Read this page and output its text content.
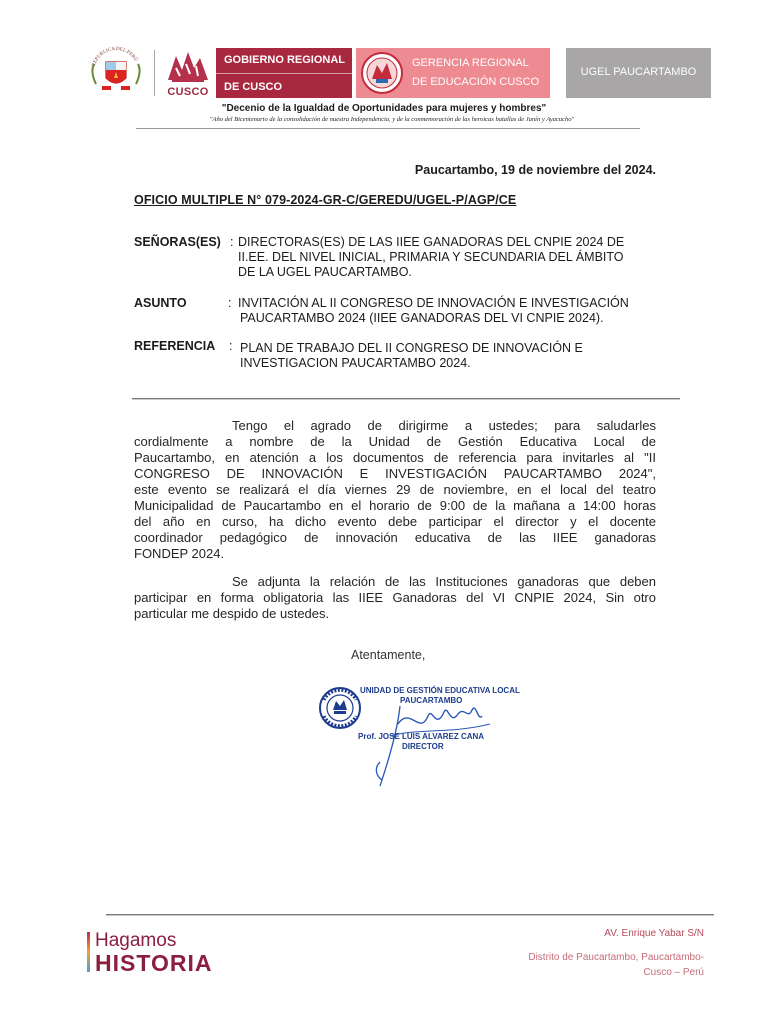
REPUBLICA DEL PERÚ
CUSCO
GOBIERNO REGIONAL
DE CUSCO
GERENCIA REGIONAL
DE EDUCACIÓN CUSCO
UGEL PAUCARTAMBO
"Decenio de la Igualdad de Oportunidades para mujeres y hombres"
"Año del Bicentenario de la consolidación de nuestra Independencia, y de la conmemoración de las heroicas batallas de Junín y Ayacucho"
Paucartambo, 19 de noviembre del 2024.
OFICIO MULTIPLE N° 079-2024-GR-C/GEREDU/UGEL-P/AGP/CE
SEÑORAS(ES) : DIRECTORAS(ES) DE LAS IIEE GANADORAS DEL CNPIE 2024 DE
II.EE. DEL NIVEL INICIAL, PRIMARIA Y SECUNDARIA DEL ÁMBITO
DE LA UGEL PAUCARTAMBO.
ASUNTO	: INVITACIÓN AL II CONGRESO DE INNOVACIÓN E INVESTIGACIÓN
PAUCARTAMBO 2024 (IIEE GANADORAS DEL VI CNPIE 2024).
REFERENCIA : PLAN DE TRABAJO DEL II CONGRESO DE INNOVACIÓN E
INVESTIGACION PAUCARTAMBO 2024.
Tengo el agrado de dirigirme a ustedes; para saludarles
cordialmente a nombre de la Unidad de Gestión Educativa Local de
Paucartambo, en atención a los documentos de referencia para invitarles al "II
CONGRESO DE INNOVACIÓN E INVESTIGACIÓN PAUCARTAMBO 2024",
este evento se realizará el día viernes 29 de noviembre, en el local del teatro
Municipalidad de Paucartambo en el horario de 9:00 de la mañana a 14:00 horas
del año en curso, ha dicho evento debe participar el director y el docente
coordinador pedagógico de innovación educativa de las IIEE ganadoras
FONDEP 2024.
Se adjunta la relación de las Instituciones ganadoras que deben
participar en forma obligatoria las IIEE Ganadoras del VI CNPIE 2024, Sin otro
particular me despido de ustedes.
Atentamente,
UNIDAD DE GESTIÓN EDUCATIVA LOCAL
PAUCARTAMBO
Prof. JOSE LUIS ALVAREZ CANA
DIRECTOR
Hagamos
HISTORIA
AV. Enrique Yabar S/N
Distrito de Paucartambo, Paucartambo-
Cusco – Perú
